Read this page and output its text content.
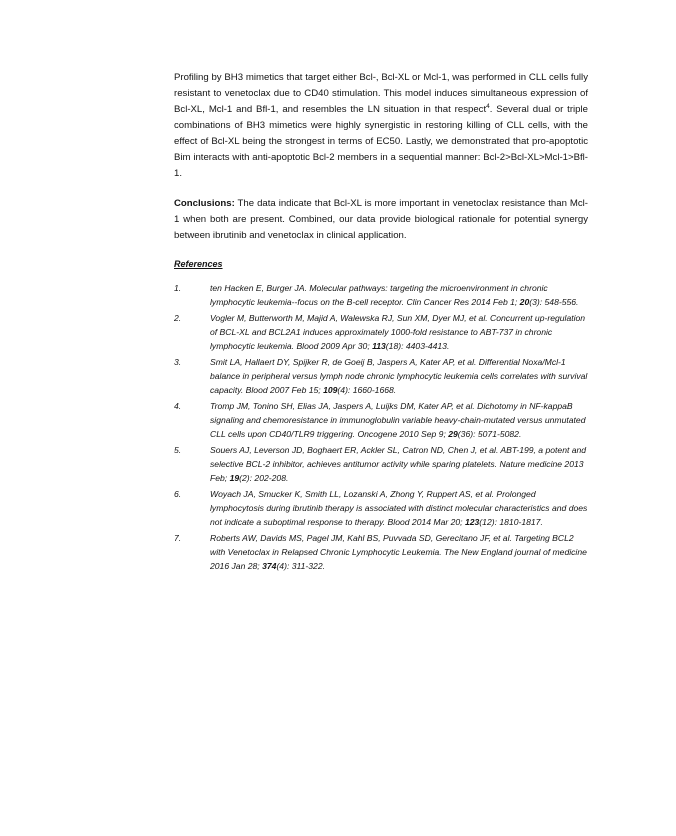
Profiling by BH3 mimetics that target either Bcl-, Bcl-XL or Mcl-1, was performed in CLL cells fully resistant to venetoclax due to CD40 stimulation. This model induces simultaneous expression of Bcl-XL, Mcl-1 and Bfl-1, and resembles the LN situation in that respect$^4$. Several dual or triple combinations of BH3 mimetics were highly synergistic in restoring killing of CLL cells, with the effect of Bcl-XL being the strongest in terms of EC50. Lastly, we demonstrated that pro-apoptotic Bim interacts with anti-apoptotic Bcl-2 members in a sequential manner: Bcl-2>Bcl-XL>Mcl-1>Bfl-1.

Conclusions: The data indicate that Bcl-XL is more important in venetoclax resistance than Mcl-1 when both are present. Combined, our data provide biological rationale for potential synergy between ibrutinib and venetoclax in clinical application.

References
1.	ten Hacken E, Burger JA. Molecular pathways: targeting the microenvironment in chronic lymphocytic leukemia--focus on the B-cell receptor. Clin Cancer Res 2014 Feb 1; 20(3): 548-556.
2.	Vogler M, Butterworth M, Majid A, Walewska RJ, Sun XM, Dyer MJ, et al. Concurrent up-regulation of BCL-XL and BCL2A1 induces approximately 1000-fold resistance to ABT-737 in chronic lymphocytic leukemia. Blood 2009 Apr 30; 113(18): 4403-4413.
3.	Smit LA, Hallaert DY, Spijker R, de Goeij B, Jaspers A, Kater AP, et al. Differential Noxa/Mcl-1 balance in peripheral versus lymph node chronic lymphocytic leukemia cells correlates with survival capacity. Blood 2007 Feb 15; 109(4): 1660-1668.
4.	Tromp JM, Tonino SH, Elias JA, Jaspers A, Luijks DM, Kater AP, et al. Dichotomy in NF-kappaB signaling and chemoresistance in immunoglobulin variable heavy-chain-mutated versus unmutated CLL cells upon CD40/TLR9 triggering. Oncogene 2010 Sep 9; 29(36): 5071-5082.
5.	Souers AJ, Leverson JD, Boghaert ER, Ackler SL, Catron ND, Chen J, et al. ABT-199, a potent and selective BCL-2 inhibitor, achieves antitumor activity while sparing platelets. Nature medicine 2013 Feb; 19(2): 202-208.
6.	Woyach JA, Smucker K, Smith LL, Lozanski A, Zhong Y, Ruppert AS, et al. Prolonged lymphocytosis during ibrutinib therapy is associated with distinct molecular characteristics and does not indicate a suboptimal response to therapy. Blood 2014 Mar 20; 123(12): 1810-1817.
7.	Roberts AW, Davids MS, Pagel JM, Kahl BS, Puvvada SD, Gerecitano JF, et al. Targeting BCL2 with Venetoclax in Relapsed Chronic Lymphocytic Leukemia. The New England journal of medicine 2016 Jan 28; 374(4): 311-322.
